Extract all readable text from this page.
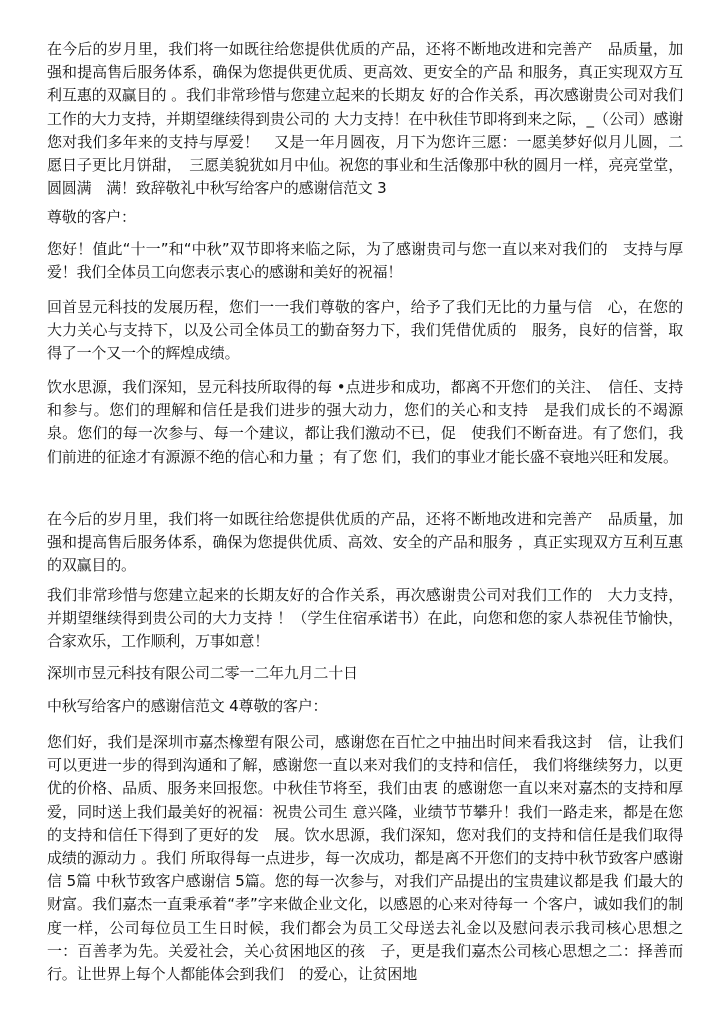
在今后的岁月里，我们将一如既往给您提供优质的产品，还将不断地改进和完善产　品质量，加强和提高售后服务体系，确保为您提供更优质、更高效、更安全的产品 和服务，真正实现双方互利互惠的双赢目的 。我们非常珍惜与您建立起来的长期友 好的合作关系，再次感谢贵公司对我们工作的大力支持，并期望继续得到贵公司的 大力支持！在中秋佳节即将到来之际，_（公司）感谢您对我们多年来的支持与厚爱！　又是一年月圆夜，月下为您许三愿：一愿美梦好似月儿圆，二愿日子更比月饼甜，　三愿美貌犹如月中仙。祝您的事业和生活像那中秋的圆月一样，亮亮堂堂，圆圆满　满！致辞敬礼中秋写给客户的感谢信范文 3

尊敬的客户：

您好！值此“十一”和“中秋”双节即将来临之际，为了感谢贵司与您一直以来对我们的　支持与厚爱！我们全体员工向您表示衷心的感谢和美好的祝福！

回首昱元科技的发展历程，您们一一我们尊敬的客户，给予了我们无比的力量与信　心，在您的大力关心与支持下，以及公司全体员工的勤奋努力下，我们凭借优质的　服务，良好的信誉，取得了一个又一个的辉煌成绩。

饮水思源，我们深知，昱元科技所取得的每 •点进步和成功，都离不开您们的关注、　信任、支持和参与。您们的理解和信任是我们进步的强大动力，您们的关心和支持　是我们成长的不竭源泉。您们的每一次参与、每一个建议，都让我们激动不已，促　使我们不断奋进。有了您们，我们前进的征途才有源源不绝的信心和力量 ；有了您 们，我们的事业才能长盛不衰地兴旺和发展。

在今后的岁月里，我们将一如既往给您提供优质的产品，还将不断地改进和完善产　品质量，加强和提高售后服务体系，确保为您提供优质、高效、安全的产品和服务 ，真正实现双方互利互惠的双赢目的。

我们非常珍惜与您建立起来的长期友好的合作关系，再次感谢贵公司对我们工作的　大力支持，并期望继续得到贵公司的大力支持 ！（学生住宿承诺书）在此，向您和您的家人恭祝佳节愉快，合家欢乐，工作顺利，万事如意！

深圳市昱元科技有限公司二零一二年九月二十日

中秋写给客户的感谢信范文 4尊敬的客户：

您们好，我们是深圳市嘉杰橡塑有限公司，感谢您在百忙之中抽出时间来看我这封　信，让我们可以更进一步的得到沟通和了解，感谢您一直以来对我们的支持和信任， 我们将继续努力，以更优的价格、品质、服务来回报您。中秋佳节将至，我们由衷 的感谢您一直以来对嘉杰的支持和厚爱，同时送上我们最美好的祝福：祝贵公司生 意兴隆，业绩节节攀升！我们一路走来，都是在您的支持和信任下得到了更好的发　展。饮水思源，我们深知，您对我们的支持和信任是我们取得成绩的源动力 。我们 所取得每一点进步，每一次成功，都是离不开您们的支持中秋节致客户感谢信 5篇 中秋节致客户感谢信 5篇。您的每一次参与，对我们产品提出的宝贵建议都是我 们最大的财富。我们嘉杰一直秉承着“孝”字来做企业文化，以感恩的心来对待每一 个客户，诚如我们的制度一样，公司每位员工生日时候，我们都会为员工父母送去礼金以及慰问表示我司核心思想之一：百善孝为先。关爱社会，关心贫困地区的孩　子，更是我们嘉杰公司核心思想之二：择善而行。让世界上每个人都能体会到我们　的爱心，让贫困地
